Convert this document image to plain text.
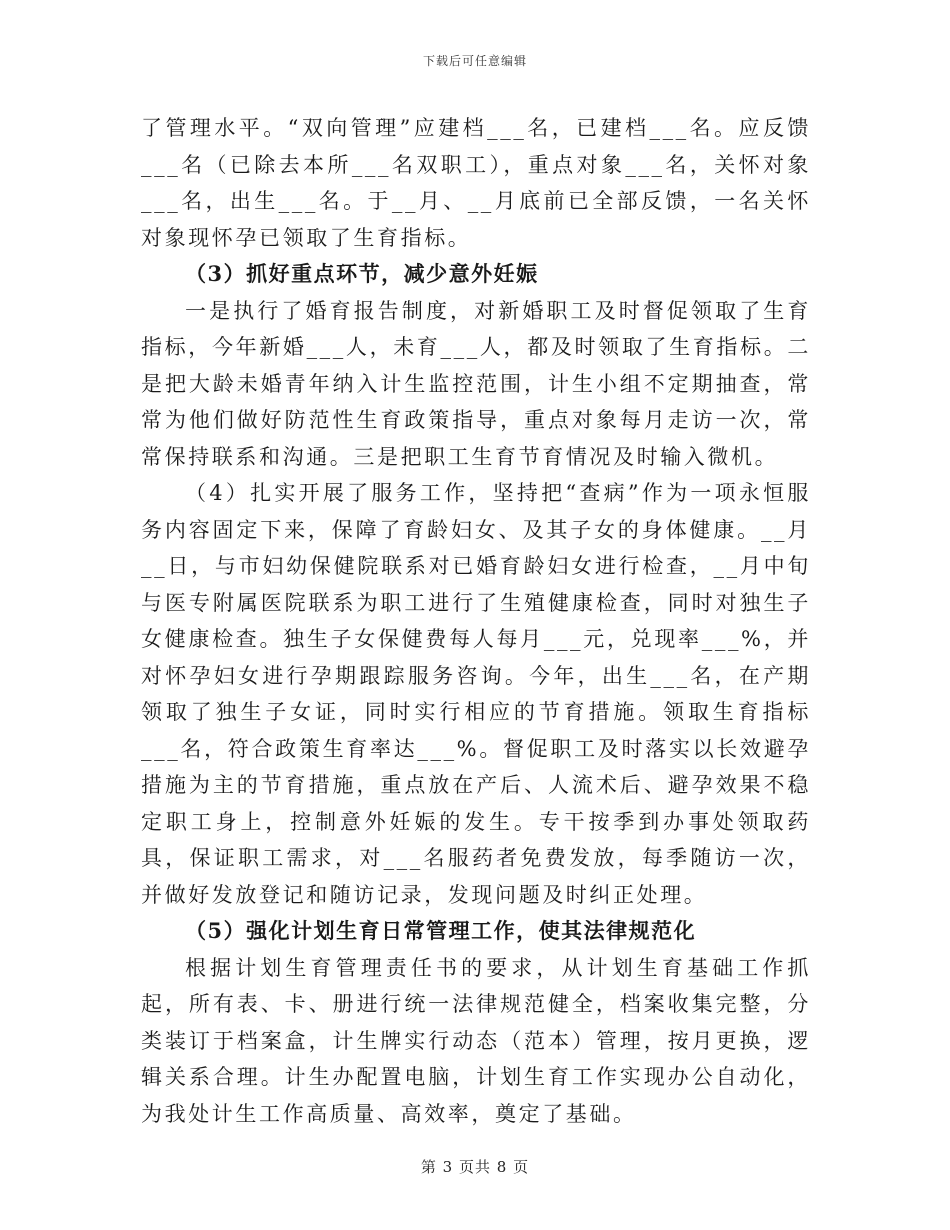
下载后可任意编辑

了管理水平。“双向管理”应建档___名，已建档___名。应反馈___名（已除去本所___名双职工），重点对象___名，关怀对象___名，出生___名。于__月、__月底前已全部反馈，一名关怀对象现怀孕已领取了生育指标。

（3）抓好重点环节，减少意外妊娠

一是执行了婚育报告制度，对新婚职工及时督促领取了生育指标，今年新婚___人，未育___人，都及时领取了生育指标。二是把大龄未婚青年纳入计生监控范围，计生小组不定期抽查，常常为他们做好防范性生育政策指导，重点对象每月走访一次，常常保持联系和沟通。三是把职工生育节育情况及时输入微机。

（4）扎实开展了服务工作，坚持把“查病”作为一项永恒服务内容固定下来，保障了育龄妇女、及其子女的身体健康。__月__日，与市妇幼保健院联系对已婚育龄妇女进行检查，__月中旬与医专附属医院联系为职工进行了生殖健康检查，同时对独生子女健康检查。独生子女保健费每人每月___元，兑现率___%，并对怀孕妇女进行孕期跟踪服务咨询。今年，出生___名，在产期领取了独生子女证，同时实行相应的节育措施。领取生育指标___名，符合政策生育率达___%。督促职工及时落实以长效避孕措施为主的节育措施，重点放在产后、人流术后、避孕效果不稳定职工身上，控制意外妊娠的发生。专干按季到办事处领取药具，保证职工需求，对___名服药者免费发放，每季随访一次，并做好发放登记和随访记录，发现问题及时纠正处理。

（5）强化计划生育日常管理工作，使其法律规范化

根据计划生育管理责任书的要求，从计划生育基础工作抓起，所有表、卡、册进行统一法律规范健全，档案收集完整，分类装订于档案盒，计生牌实行动态（范本）管理，按月更换，逻辑关系合理。计生办配置电脑，计划生育工作实现办公自动化，为我处计生工作高质量、高效率，奠定了基础。

第 3 页共 8 页
